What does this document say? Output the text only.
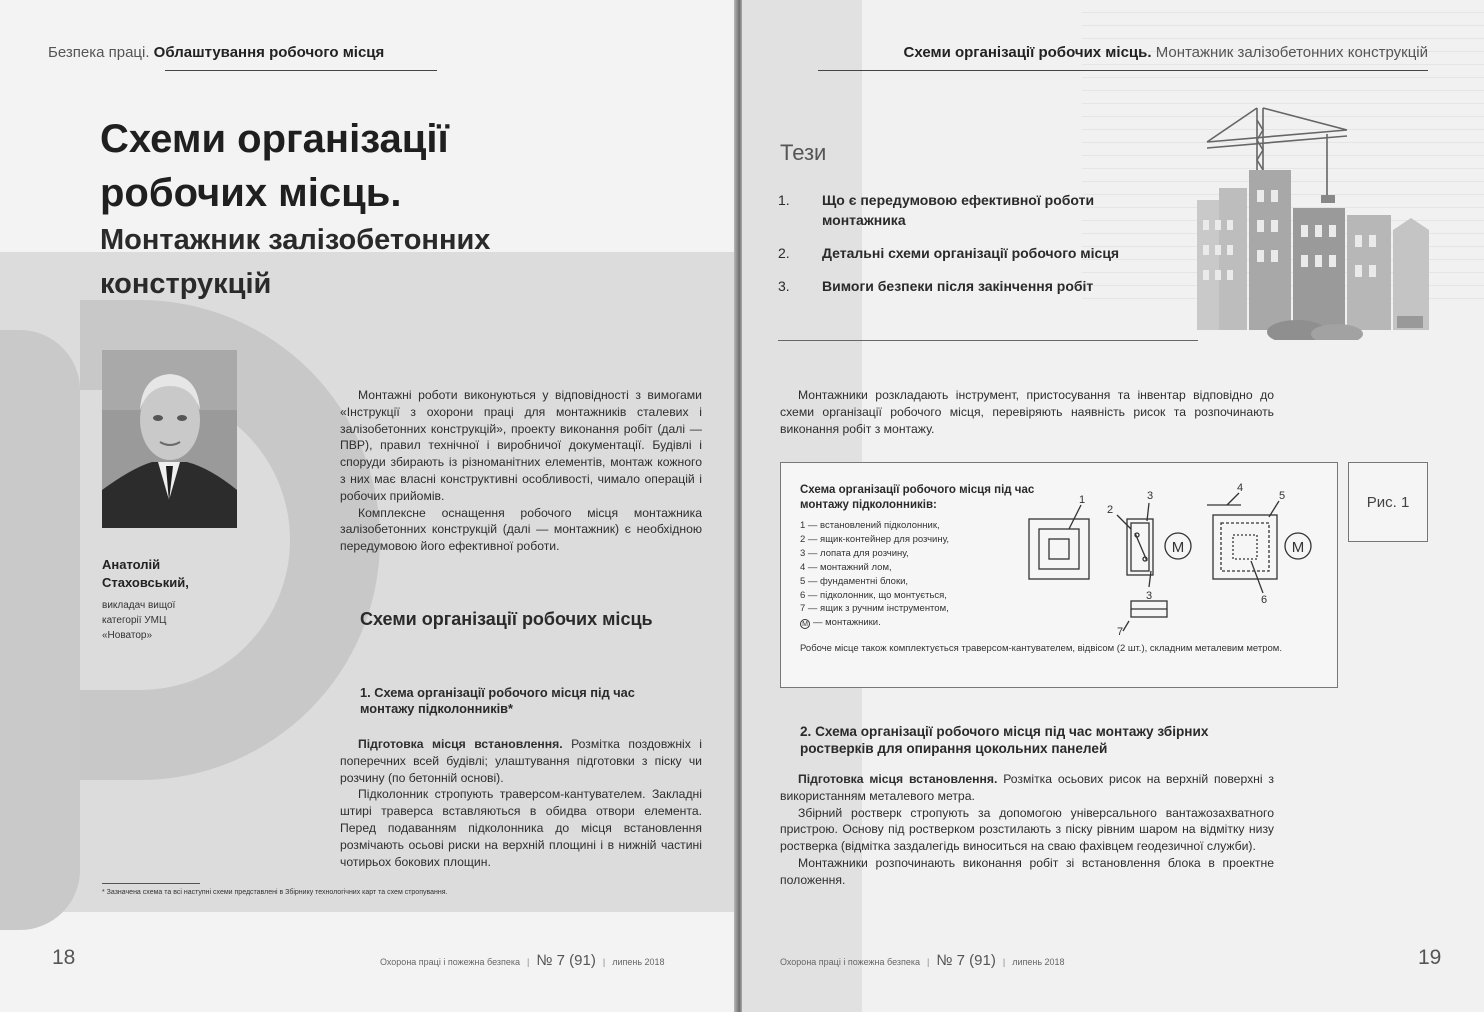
Безпека праці. Облаштування робочого місця
Схеми організації робочих місць.
Монтажник залізобетонних конструкцій
Анатолій Стаховський,
викладач вищої категорії УМЦ «Новатор»

Монтажні роботи виконуються у відповідності з вимогами «Інструкції з охорони праці для монтажників сталевих і залізобетонних конструкцій», проекту виконання робіт (далі — ПВР), правил технічної і виробничої документації. Будівлі і споруди збирають із різноманітних елементів, монтаж кожного з них має власні конструктивні особливості, чимало операцій і робочих прийомів.

Комплексне оснащення робочого місця монтажника залізобетонних конструкцій (далі — монтажник) є необхідною передумовою його ефективної роботи.

Схеми організації робочих місць
1. Схема організації робочого місця під час монтажу підколонників*

Підготовка місця встановлення. Розмітка поздовжніх і поперечних всей будівлі; улаштування підготовки з піску чи розчину (по бетонній основі).

Підколонник стропують траверсом-кантувателем. Закладні штирі траверса вставляються в обидва отвори елемента. Перед подаванням підколонника до місця встановлення розмічають осьові риски на верхній площині і в нижній частині чотирьох бокових площин.

* Зазначена схема та всі наступні схеми представлені в Збірнику технологічних карт та схем стропування.
18	Охорона праці і пожежна безпека | № 7 (91) | липень 2018
Схеми організації робочих місць. Монтажник залізобетонних конструкцій
Тези
1.	Що є передумовою ефективної роботи монтажника
2.	Детальні схеми організації робочого місця
3.	Вимоги безпеки після закінчення робіт

Монтажники розкладають інструмент, пристосування та інвентар відповідно до схеми організації робочого місця, перевіряють наявність рисок та розпочинають виконання робіт з монтажу.

Схема організації робочого місця під час монтажу підколонників:
1 — встановлений підколонник,
2 — ящик-контейнер для розчину,
3 — лопата для розчину,
4 — монтажний лом,
5 — фундаментні блоки,
6 — підколонник, що монтується,
7 — ящик з ручним інструментом,
М — монтажники.
1
2
3
3
4
5
6
7
М	М
Робоче місце також комплектується траверсом-кантувателем, відвісом (2 шт.), складним металевим метром.
Рис. 1
2. Схема організації робочого місця під час монтажу збірних ростверків для опирання цокольних панелей

Підготовка місця встановлення. Розмітка осьових рисок на верхній поверхні з використанням металевого метра.

Збірний ростверк стропують за допомогою універсального вантажозахватного пристрою. Основу під ростверком розстилають з піску рівним шаром на відмітку низу ростверка (відмітка заздалегідь виноситься на сваю фахівцем геодезичної служби).

Монтажники розпочинають виконання робіт зі встановлення блока в проектне положення.

Охорона праці і пожежна безпека | № 7 (91) | липень 2018	19
